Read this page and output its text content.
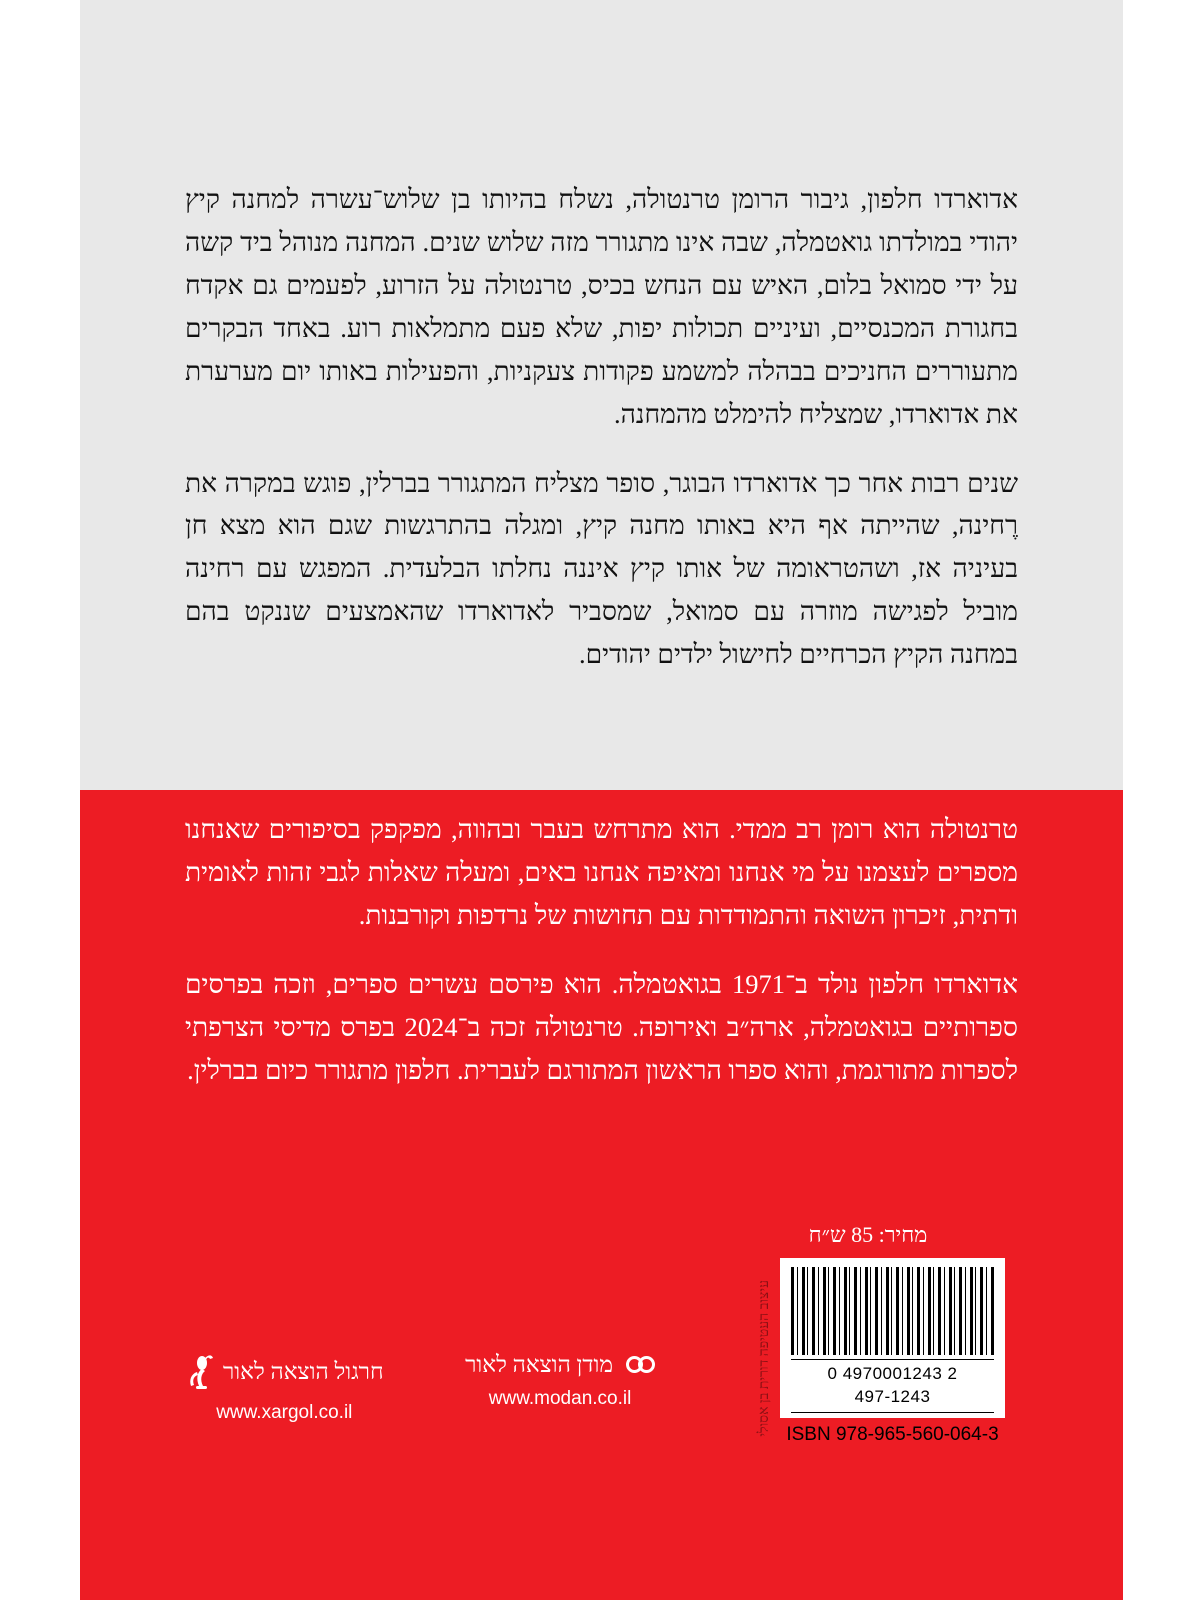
אדוארדו חלפון, גיבור הרומן טרנטולה, נשלח בהיותו בן שלוש־עשרה למחנה קיץ יהודי במולדתו גואטמלה, שבה אינו מתגורר מזה שלוש שנים. המחנה מנוהל ביד קשה על ידי סמואל בלום, האיש עם הנחש בכיס, טרנטולה על הזרוע, לפעמים גם אקדח בחגורת המכנסיים, ועיניים תכולות יפות, שלא פעם מתמלאות רוע. באחד הבקרים מתעוררים החניכים בבהלה למשמע פקודות צעקניות, והפעילות באותו יום מערערת את אדוארדו, שמצליח להימלט מהמחנה.

שנים רבות אחר כך אדוארדו הבוגר, סופר מצליח המתגורר בברלין, פוגש במקרה את רֶחינה, שהייתה אף היא באותו מחנה קיץ, ומגלה בהתרגשות שגם הוא מצא חן בעיניה אז, ושהטראומה של אותו קיץ איננה נחלתו הבלעדית. המפגש עם רחינה מוביל לפגישה מוזרה עם סמואל, שמסביר לאדוארדו שהאמצעים שננקט בהם במחנה הקיץ הכרחיים לחישול ילדים יהודים.

טרנטולה הוא רומן רב ממדי. הוא מתרחש בעבר ובהווה, מפקפק בסיפורים שאנחנו מספרים לעצמנו על מי אנחנו ומאיפה אנחנו באים, ומעלה שאלות לגבי זהות לאומית ודתית, זיכרון השואה והתמודדות עם תחושות של נרדפות וקורבנות.

אדוארדו חלפון נולד ב־1971 בגואטמלה. הוא פירסם עשרים ספרים, וזכה בפרסים ספרותיים בגואטמלה, ארה״ב ואירופה. טרנטולה זכה ב־2024 בפרס מדיסי הצרפתי לספרות מתורגמת, והוא ספרו הראשון המתורגם לעברית. חלפון מתגורר כיום בברלין.

מחיר: 85 ש״ח
עיצוב העטיפה דורית בן אסולי	0 4970001243 2
497-1243
ISBN 978-965-560-064-3
מודן הוצאה לאור
www.modan.co.il
חרגול הוצאה לאור
www.xargol.co.il
